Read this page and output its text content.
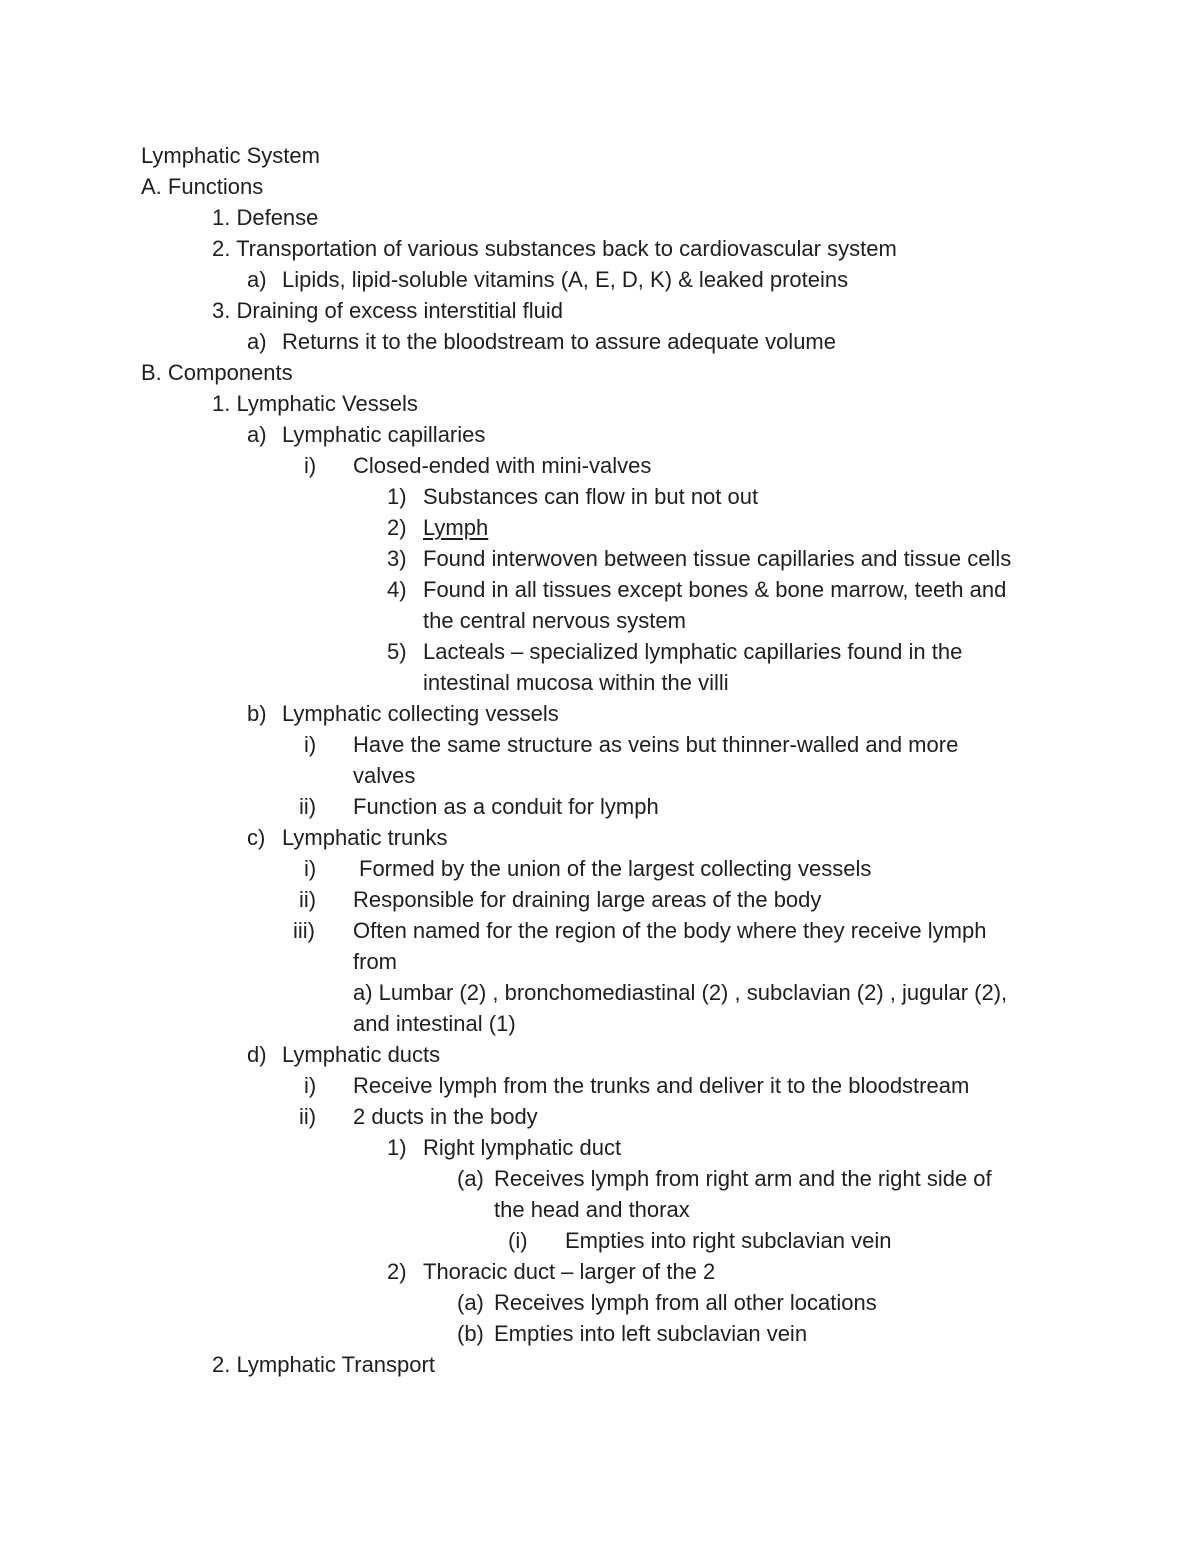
Lymphatic System
A. Functions
1. Defense
2. Transportation of various substances back to cardiovascular system
a) Lipids, lipid-soluble vitamins (A, E, D, K) & leaked proteins
3. Draining of excess interstitial fluid
a) Returns it to the bloodstream to assure adequate volume
B. Components
1. Lymphatic Vessels
a) Lymphatic capillaries
i) Closed-ended with mini-valves
1) Substances can flow in but not out
2) Lymph
3) Found interwoven between tissue capillaries and tissue cells
4) Found in all tissues except bones & bone marrow, teeth and
the central nervous system
5) Lacteals – specialized lymphatic capillaries found in the
intestinal mucosa within the villi
b) Lymphatic collecting vessels
i) Have the same structure as veins but thinner-walled and more
valves
ii) Function as a conduit for lymph
c) Lymphatic trunks
i) Formed by the union of the largest collecting vessels
ii) Responsible for draining large areas of the body
iii) Often named for the region of the body where they receive lymph
from
a) Lumbar (2) , bronchomediastinal (2) , subclavian (2) , jugular (2),
and intestinal (1)
d) Lymphatic ducts
i) Receive lymph from the trunks and deliver it to the bloodstream
ii) 2 ducts in the body
1) Right lymphatic duct
(a) Receives lymph from right arm and the right side of
the head and thorax
(i) Empties into right subclavian vein
2) Thoracic duct – larger of the 2
(a) Receives lymph from all other locations
(b) Empties into left subclavian vein
2. Lymphatic Transport
